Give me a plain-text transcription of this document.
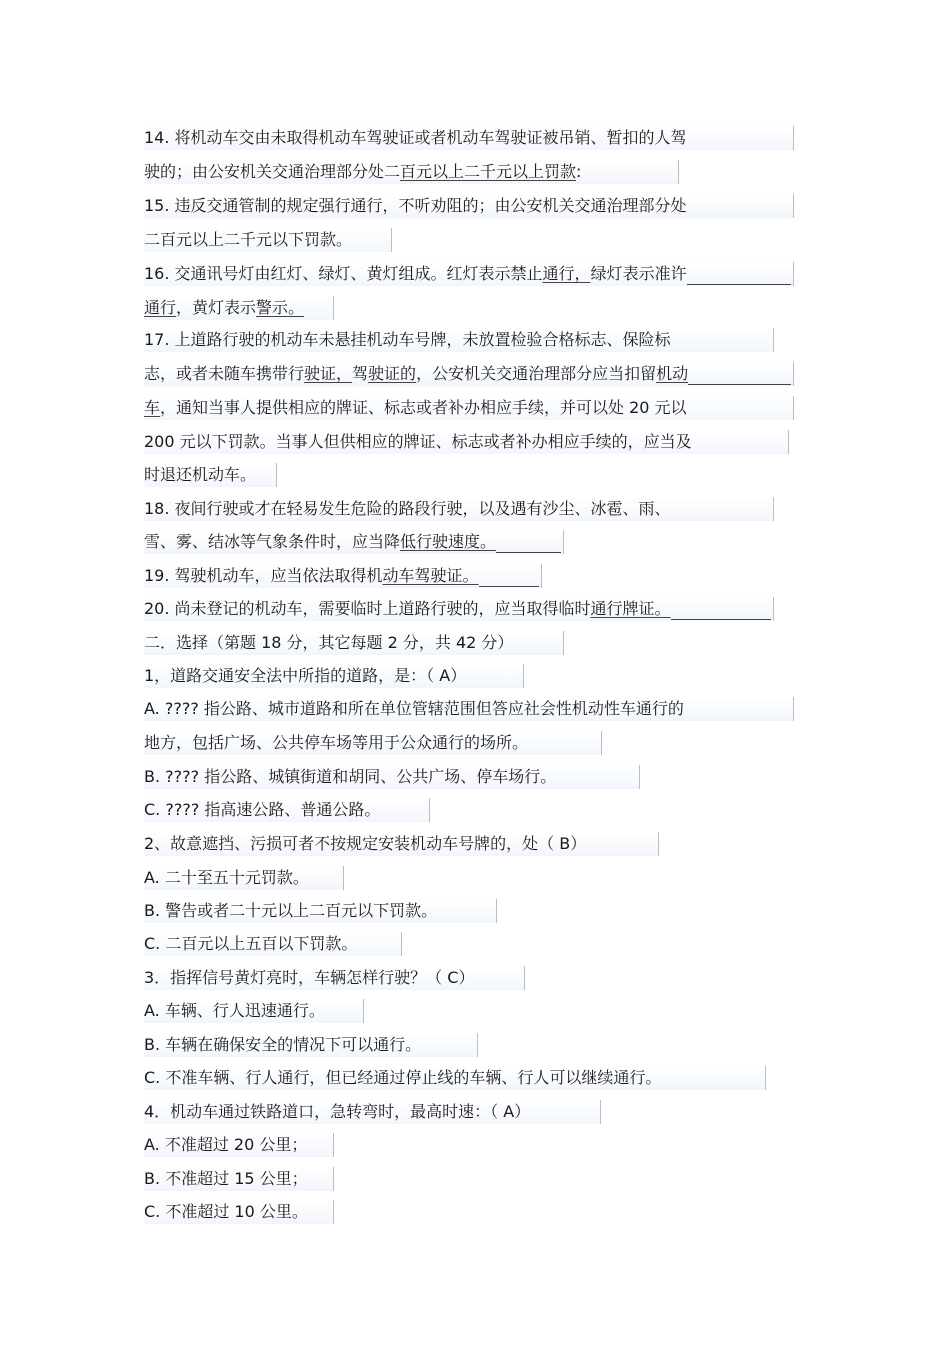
14. 将机动车交由未取得机动车驾驶证或者机动车驾驶证被吊销、暂扣的人驾
驶的；由公安机关交通治理部分处二 百元以上二千元以上罚款 :
15. 违反交通管制的规定强行通行，不听劝阻的；由公安机关交通治理部分处
二百元以上二千元以下罚款。
16. 交通讯号灯由红灯、绿灯、黄灯组成。红灯表示禁止 通行， 绿灯表示准许
通行 ，黄灯表示 警示。
17. 上道路行驶的机动车未悬挂机动车号牌，未放置检验合格标志、保险标
志，或者未随车携带行 驶证， 驾 驶证的 ，公安机关交通治理部分应当扣留 机动
车 ，通知当事人提供相应的牌证、标志或者补办相应手续，并可以处 20 元以
200 元以下罚款。当事人但供相应的牌证、标志或者补办相应手续的，应当及
时退还机动车。
18. 夜间行驶或才在轻易发生危险的路段行驶，以及遇有沙尘、冰雹、雨、
雪、雾、结冰等气象条件时，应当降 低行驶速度。
19. 驾驶机动车，应当依法取得机 动车驾驶证。
20. 尚未登记的机动车，需要临时上道路行驶的，应当取得临时 通行牌证。
二．选择（第题 18 分，其它每题 2 分，共 42 分）
1，道路交通安全法中所指的道路，是：（ A）
A. ???? 指公路、城市道路和所在单位管辖范围但答应社会性机动性车通行的
地方，包括广场、公共停车场等用于公众通行的场所。
B. ???? 指公路、城镇街道和胡同、公共广场、停车场行。
C. ???? 指高速公路、普通公路。
2、故意遮挡、污损可者不按规定安装机动车号牌的，处（ B）
A. 二十至五十元罚款。
B. 警告或者二十元以上二百元以下罚款。
C. 二百元以上五百以下罚款。
3．指挥信号黄灯亮时，车辆怎样行驶？（ C）
A. 车辆、行人迅速通行。
B. 车辆在确保安全的情况下可以通行。
C. 不准车辆、行人通行，但已经通过停止线的车辆、行人可以继续通行。
4．机动车通过铁路道口，急转弯时，最高时速：（ A）
A. 不准超过 20 公里；
B. 不准超过 15 公里；
C. 不准超过 10 公里。
